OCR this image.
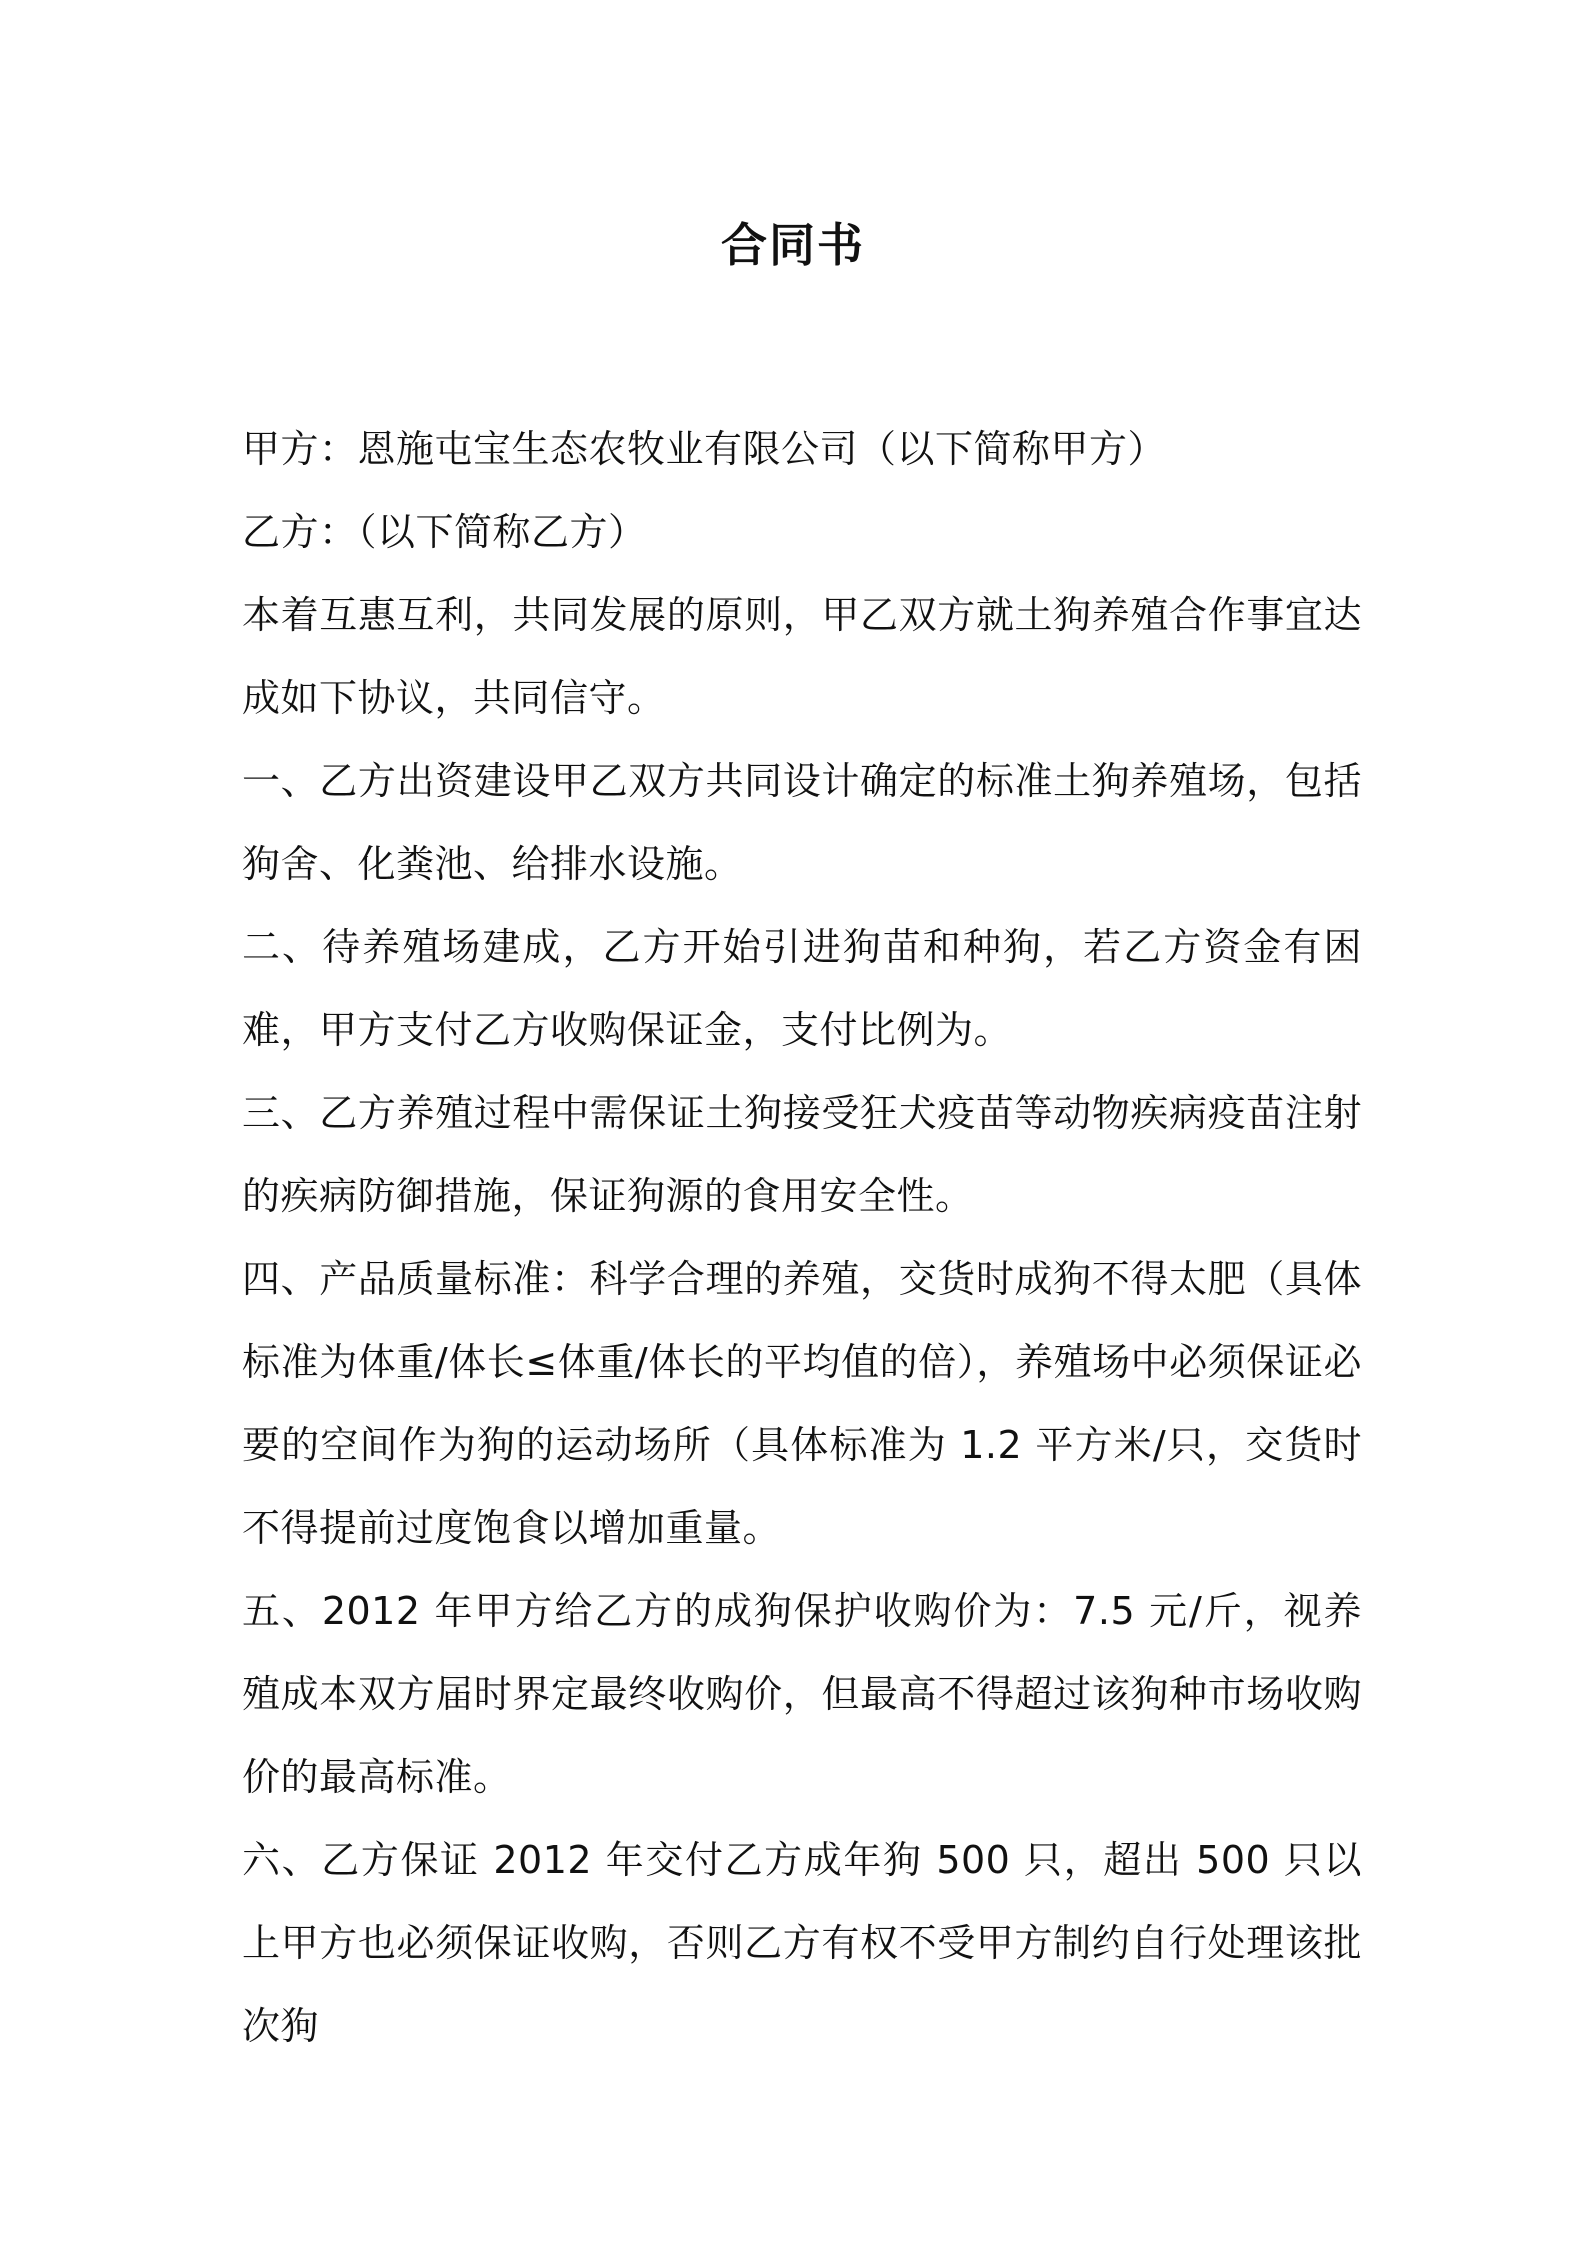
合同书

甲方：恩施屯宝生态农牧业有限公司（以下简称甲方）

乙方：（以下简称乙方）

本着互惠互利，共同发展的原则，甲乙双方就土狗养殖合作事宜达成如下协议，共同信守。

一、乙方出资建设甲乙双方共同设计确定的标准土狗养殖场，包括狗舍、化粪池、给排水设施。

二、待养殖场建成，乙方开始引进狗苗和种狗，若乙方资金有困难，甲方支付乙方收购保证金，支付比例为。

三、乙方养殖过程中需保证土狗接受狂犬疫苗等动物疾病疫苗注射的疾病防御措施，保证狗源的食用安全性。

四、产品质量标准：科学合理的养殖，交货时成狗不得太肥（具体标准为体重/体长≤体重/体长的平均值的倍），养殖场中必须保证必要的空间作为狗的运动场所（具体标准为 1.2 平方米/只，交货时不得提前过度饱食以增加重量。

五、2012 年甲方给乙方的成狗保护收购价为：7.5 元/斤，视养殖成本双方届时界定最终收购价，但最高不得超过该狗种市场收购价的最高标准。

六、乙方保证 2012 年交付乙方成年狗 500 只，超出 500 只以上甲方也必须保证收购，否则乙方有权不受甲方制约自行处理该批次狗
